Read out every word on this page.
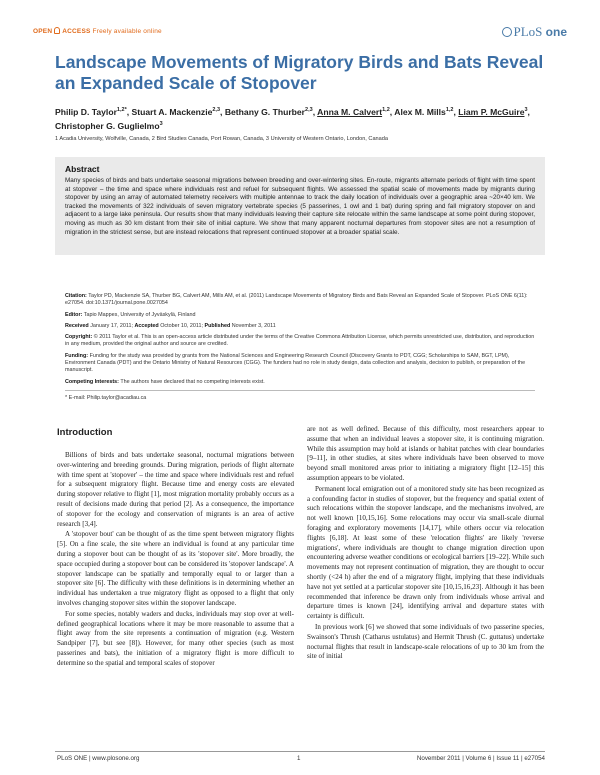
OPEN ACCESS Freely available online	PLoS one
Landscape Movements of Migratory Birds and Bats Reveal an Expanded Scale of Stopover
Philip D. Taylor$^{1,2*}$, Stuart A. Mackenzie$^{2,3}$, Bethany G. Thurber$^{2,3}$, Anna M. Calvert$^{1,2}$, Alex M. Mills$^{1,2}$, Liam P. McGuire$^3$, Christopher G. Guglielmo$^3$
1 Acadia University, Wolfville, Canada, 2 Bird Studies Canada, Port Rowan, Canada, 3 University of Western Ontario, London, Canada
Abstract

Many species of birds and bats undertake seasonal migrations between breeding and over-wintering sites. En-route, migrants alternate periods of flight with time spent at stopover – the time and space where individuals rest and refuel for subsequent flights. We assessed the spatial scale of movements made by migrants during stopover by using an array of automated telemetry receivers with multiple antennae to track the daily location of individuals over a geographic area ~20×40 km. We tracked the movements of 322 individuals of seven migratory vertebrate species (5 passerines, 1 owl and 1 bat) during spring and fall migratory stopover on and adjacent to a large lake peninsula. Our results show that many individuals leaving their capture site relocate within the same landscape at some point during stopover, moving as much as 30 km distant from their site of initial capture. We show that many apparent nocturnal departures from stopover sites are not a resumption of migration in the strictest sense, but are instead relocations that represent continued stopover at a broader spatial scale.

Citation: Taylor PD, Mackenzie SA, Thurber BG, Calvert AM, Mills AM, et al. (2011) Landscape Movements of Migratory Birds and Bats Reveal an Expanded Scale of Stopover. PLoS ONE 6(11): e27054. doi:10.1371/journal.pone.0027054

Editor: Tapio Mappes, University of Jyväskylä, Finland

Received January 17, 2011; Accepted October 10, 2011; Published November 3, 2011

Copyright: © 2011 Taylor et al. This is an open-access article distributed under the terms of the Creative Commons Attribution License, which permits unrestricted use, distribution, and reproduction in any medium, provided the original author and source are credited.

Funding: Funding for the study was provided by grants from the National Sciences and Engineering Research Council (Discovery Grants to PDT, CGG; Scholarships to SAM, BGT, LPM), Environment Canada (PDT) and the Ontario Ministry of Natural Resources (CGG). The funders had no role in study design, data collection and analysis, decision to publish, or preparation of the manuscript.

Competing Interests: The authors have declared that no competing interests exist.

* E-mail: Philip.taylor@acadiau.ca

Introduction

Billions of birds and bats undertake seasonal, nocturnal migrations between over-wintering and breeding grounds. During migration, periods of flight alternate with time spent at 'stopover' – the time and space where individuals rest and refuel for a subsequent migratory flight. Because time and energy costs are elevated during stopover relative to flight [1], most migration mortality probably occurs as a result of decisions made during that period [2]. As a consequence, the importance of stopover for the ecology and conservation of migrants is an area of active research [3,4].

A 'stopover bout' can be thought of as the time spent between migratory flights [5]. On a fine scale, the site where an individual is found at any particular time during a stopover bout can be thought of as its 'stopover site'. More broadly, the space occupied during a stopover bout can be considered its 'stopover landscape'. A stopover landscape can be spatially and temporally equal to or larger than a stopover site [6]. The difficulty with these definitions is in determining whether an individual has undertaken a true migratory flight as opposed to a flight that only involves changing stopover sites within the stopover landscape.

For some species, notably waders and ducks, individuals may stop over at well-defined geographical locations where it may be more reasonable to assume that a flight away from the site represents a continuation of migration (e.g. Western Sandpiper [7], but see [8]). However, for many other species (such as most passerines and bats), the initiation of a migratory flight is more difficult to determine so the spatial and temporal scales of stopover

are not as well defined. Because of this difficulty, most researchers appear to assume that when an individual leaves a stopover site, it is continuing migration. While this assumption may hold at islands or habitat patches with clear boundaries [9–11], in other studies, at sites where individuals have been observed to move beyond small monitored areas prior to initiating a migratory flight [12–15] this assumption appears to be violated.

Permanent local emigration out of a monitored study site has been recognized as a confounding factor in studies of stopover, but the frequency and spatial extent of such relocations within the stopover landscape, and the mechanisms involved, are not well known [10,15,16]. Some relocations may occur via small-scale diurnal foraging and exploratory movements [14,17], while others occur via relocation flights [6,18]. At least some of these 'relocation flights' are likely 'reverse migrations', where individuals are thought to change migration direction upon encountering adverse weather conditions or ecological barriers [19–22]. While such movements may not represent continuation of migration, they are thought to occur shortly (<24 h) after the end of a migratory flight, implying that these individuals have not yet settled at a particular stopover site [10,15,16,23]. Although it has been recommended that inference be drawn only from individuals whose arrival and departure times is known [24], identifying arrival and departure states with certainty is difficult.

In previous work [6] we showed that some individuals of two passerine species, Swainson's Thrush (Catharus ustulatus) and Hermit Thrush (C. guttatus) undertake nocturnal flights that result in landscape-scale relocations of up to 30 km from the site of initial

PLoS ONE | www.plosone.org	1	November 2011 | Volume 6 | Issue 11 | e27054
